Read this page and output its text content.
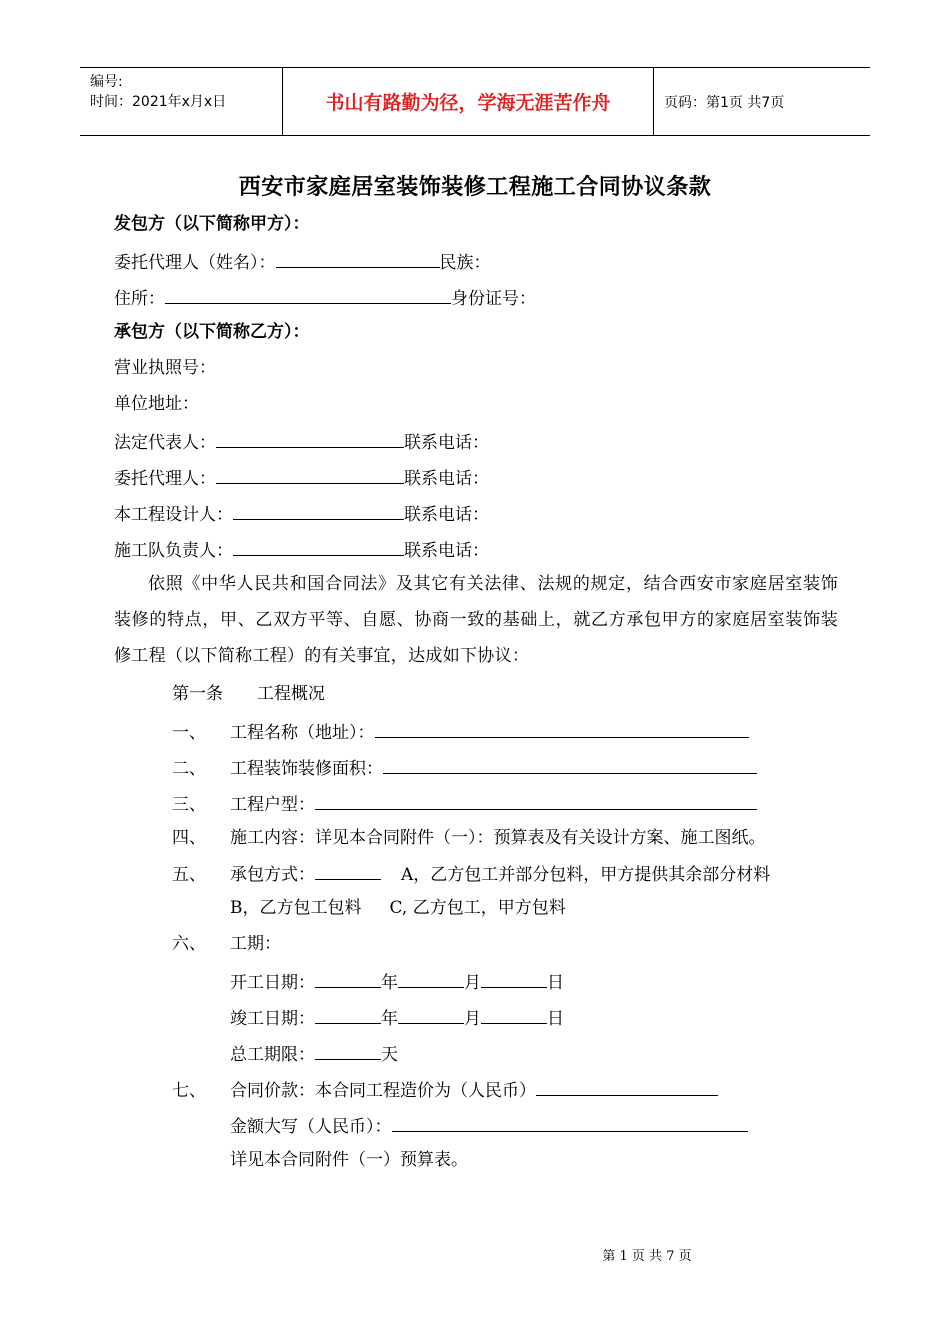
编号:
时间：2021年x月x日	书山有路勤为径，学海无涯苦作舟	页码：第1页 共7页
西安市家庭居室装饰装修工程施工合同协议条款
发包方（以下简称甲方）：
委托代理人（姓名）：	民族：
住所：	身份证号：
承包方（以下简称乙方）：
营业执照号：
单位地址：
法定代表人：	联系电话：
委托代理人：	联系电话：
本工程设计人：	联系电话：
施工队负责人：	联系电话：
依照《中华人民共和国合同法》及其它有关法律、法规的规定，结合西安市家庭居室装饰装修的特点，甲、乙双方平等、自愿、协商一致的基础上，就乙方承包甲方的家庭居室装饰装修工程（以下简称工程）的有关事宜，达成如下协议：
第一条　　工程概况
一、 工程名称（地址）：
二、 工程装饰装修面积：
三、 工程户型：
四、 施工内容：详见本合同附件（一）：预算表及有关设计方案、施工图纸。
五、 承包方式：	A，乙方包工并部分包料，甲方提供其余部分材料
B，乙方包工包料 C, 乙方包工，甲方包料
六、 工期：
开工日期：	年	月	日
竣工日期：	年	月	日
总工期限：	天
七、 合同价款：本合同工程造价为（人民币）
金额大写（人民币）：
详见本合同附件（一）预算表。
第 1 页 共 7 页
